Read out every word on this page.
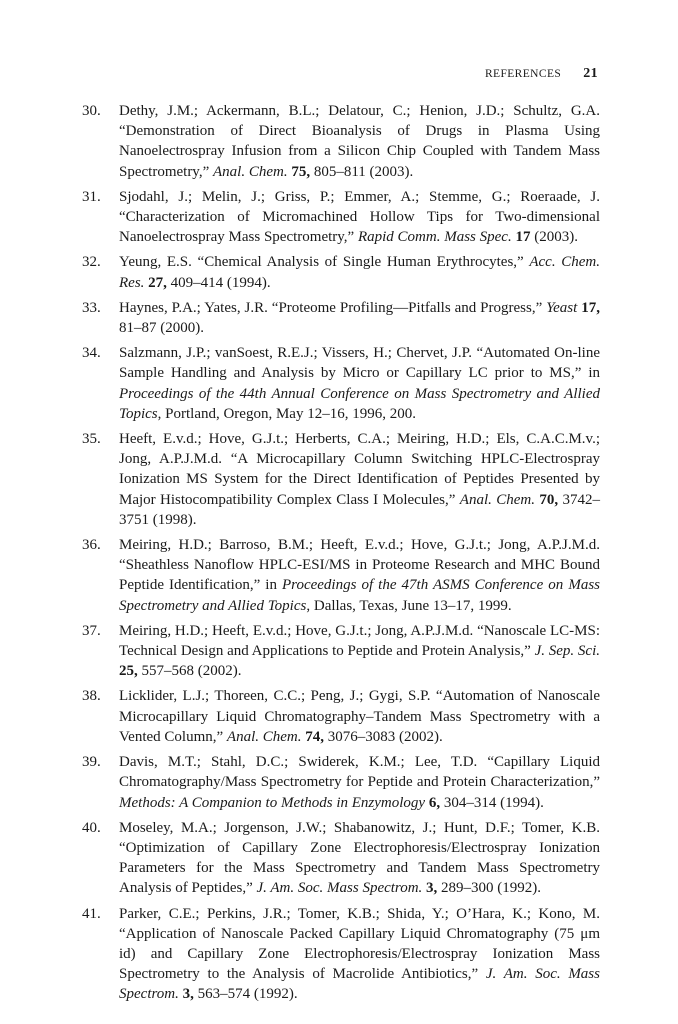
REFERENCES 21
30. Dethy, J.M.; Ackermann, B.L.; Delatour, C.; Henion, J.D.; Schultz, G.A. “Demonstration of Direct Bioanalysis of Drugs in Plasma Using Nanoelectrospray Infusion from a Silicon Chip Coupled with Tandem Mass Spectrometry,” Anal. Chem. 75, 805–811 (2003).
31. Sjodahl, J.; Melin, J.; Griss, P.; Emmer, A.; Stemme, G.; Roeraade, J. “Characterization of Micromachined Hollow Tips for Two-dimensional Nanoelectrospray Mass Spectrometry,” Rapid Comm. Mass Spec. 17 (2003).
32. Yeung, E.S. “Chemical Analysis of Single Human Erythrocytes,” Acc. Chem. Res. 27, 409–414 (1994).
33. Haynes, P.A.; Yates, J.R. “Proteome Profiling—Pitfalls and Progress,” Yeast 17, 81–87 (2000).
34. Salzmann, J.P.; vanSoest, R.E.J.; Vissers, H.; Chervet, J.P. “Automated On-line Sample Handling and Analysis by Micro or Capillary LC prior to MS,” in Proceedings of the 44th Annual Conference on Mass Spectrometry and Allied Topics, Portland, Oregon, May 12–16, 1996, 200.
35. Heeft, E.v.d.; Hove, G.J.t.; Herberts, C.A.; Meiring, H.D.; Els, C.A.C.M.v.; Jong, A.P.J.M.d. “A Microcapillary Column Switching HPLC-Electrospray Ionization MS System for the Direct Identification of Peptides Presented by Major Histocompatibility Complex Class I Molecules,” Anal. Chem. 70, 3742–3751 (1998).
36. Meiring, H.D.; Barroso, B.M.; Heeft, E.v.d.; Hove, G.J.t.; Jong, A.P.J.M.d. “Sheathless Nanoflow HPLC-ESI/MS in Proteome Research and MHC Bound Peptide Identification,” in Proceedings of the 47th ASMS Conference on Mass Spectrometry and Allied Topics, Dallas, Texas, June 13–17, 1999.
37. Meiring, H.D.; Heeft, E.v.d.; Hove, G.J.t.; Jong, A.P.J.M.d. “Nanoscale LC-MS: Technical Design and Applications to Peptide and Protein Analysis,” J. Sep. Sci. 25, 557–568 (2002).
38. Licklider, L.J.; Thoreen, C.C.; Peng, J.; Gygi, S.P. “Automation of Nanoscale Microcapillary Liquid Chromatography–Tandem Mass Spectrometry with a Vented Column,” Anal. Chem. 74, 3076–3083 (2002).
39. Davis, M.T.; Stahl, D.C.; Swiderek, K.M.; Lee, T.D. “Capillary Liquid Chromatography/Mass Spectrometry for Peptide and Protein Characterization,” Methods: A Companion to Methods in Enzymology 6, 304–314 (1994).
40. Moseley, M.A.; Jorgenson, J.W.; Shabanowitz, J.; Hunt, D.F.; Tomer, K.B. “Optimization of Capillary Zone Electrophoresis/Electrospray Ionization Parameters for the Mass Spectrometry and Tandem Mass Spectrometry Analysis of Peptides,” J. Am. Soc. Mass Spectrom. 3, 289–300 (1992).
41. Parker, C.E.; Perkins, J.R.; Tomer, K.B.; Shida, Y.; O’Hara, K.; Kono, M. “Application of Nanoscale Packed Capillary Liquid Chromatography (75 μm id) and Capillary Zone Electrophoresis/Electrospray Ionization Mass Spectrometry to the Analysis of Macrolide Antibiotics,” J. Am. Soc. Mass Spectrom. 3, 563–574 (1992).
